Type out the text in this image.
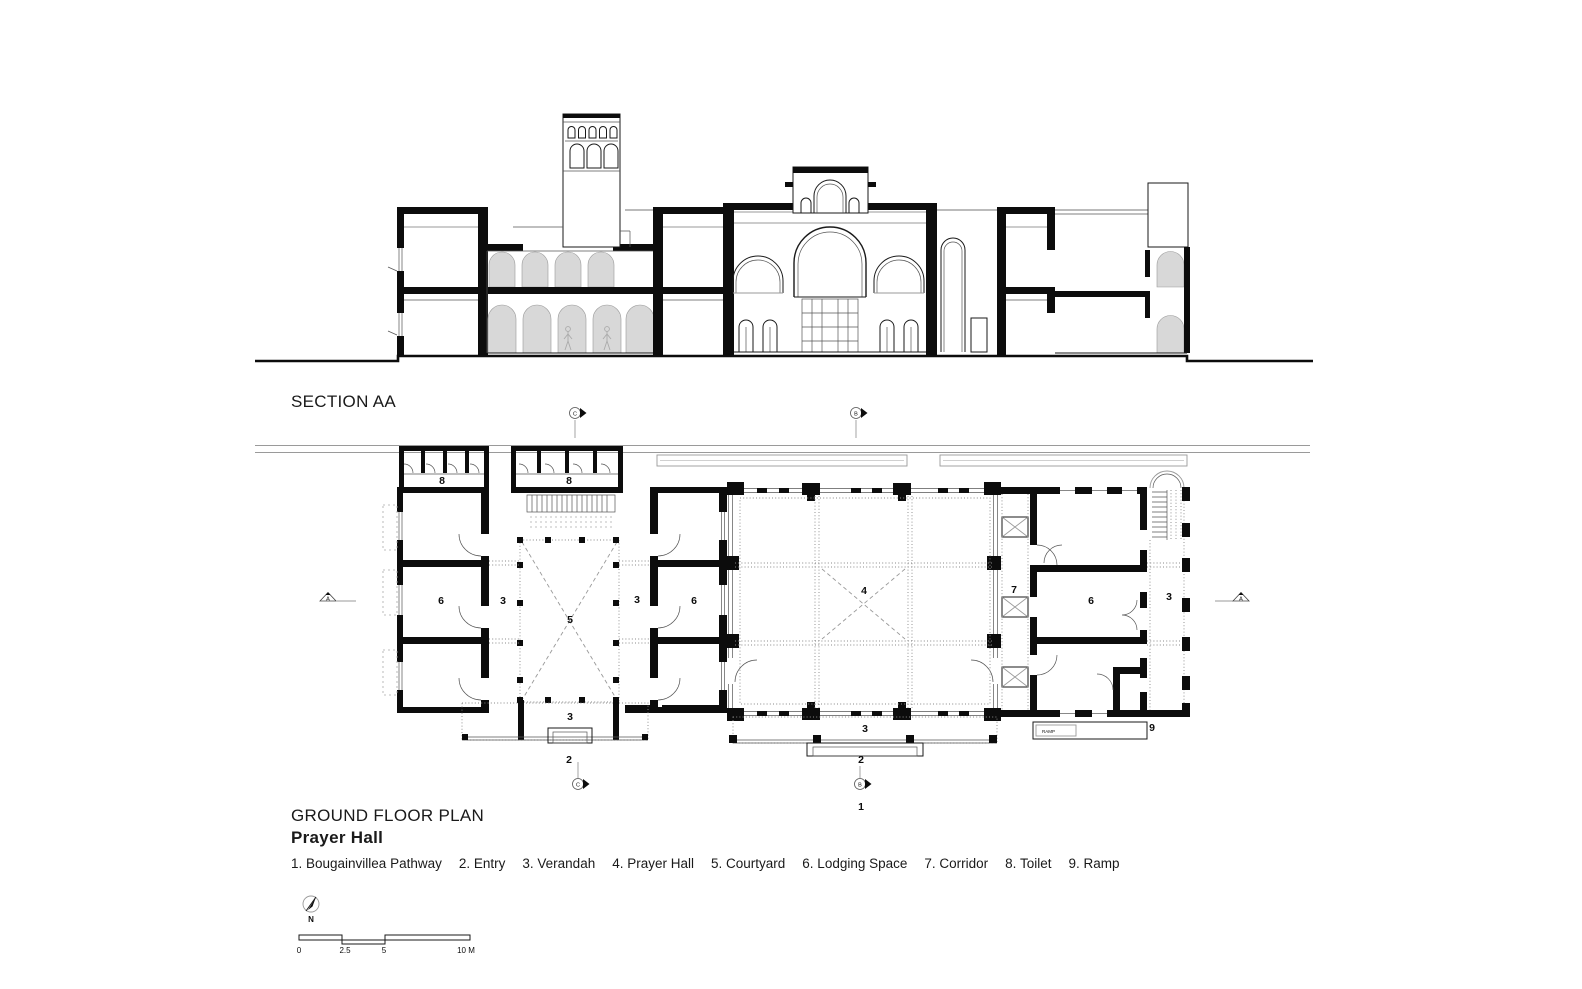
RAMP
C	B
C	B
A	A
8	8
6	3
5
3	6
4	7
6	3
3
2
3
2
9
1
N
0	2.5	5	10 M
SECTION AA
GROUND FLOOR PLAN
Prayer Hall
1. Bougainvillea Pathway 2. Entry 3. Verandah 4. Prayer Hall 5. Courtyard 6. Lodging Space 7. Corridor 8. Toilet 9. Ramp
